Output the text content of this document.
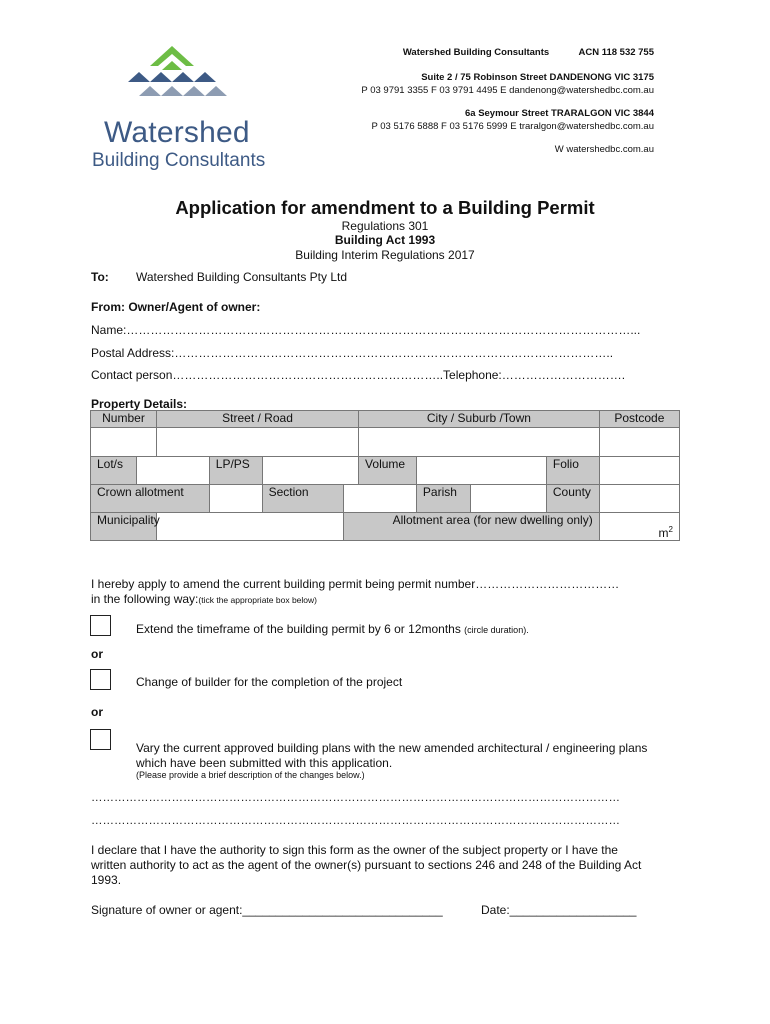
Watershed
Building Consultants
Watershed Building Consultants	ACN 118 532 755
Suite 2 / 75 Robinson Street DANDENONG VIC 3175
P 03 9791 3355 F 03 9791 4495 E dandenong@watershedbc.com.au
6a Seymour Street TRARALGON VIC 3844
P 03 5176 5888 F 03 5176 5999 E traralgon@watershedbc.com.au
W watershedbc.com.au
Application for amendment to a Building Permit
Regulations 301
Building Act 1993
Building Interim Regulations 2017
To: Watershed Building Consultants Pty Ltd
From: Owner/Agent of owner:
Name:………………………………………………………………………………………………………………...
Postal Address:………………………………………………………………………………………………..
Contact person…………………………………………………………..Telephone:………………………….
Property Details:
Number		Street / Road				City / Suburb /Town				Postcode

Lot/s			LP/PS			Volume			Folio	
Crown allotment				Section			Parish		County	
Municipality					Allotment area (for new dwelling only)					$m^2$
I hereby apply to amend the current building permit being permit number………………………………
in the following way:(tick the appropriate box below)
Extend the timeframe of the building permit by 6 or 12months (circle duration).
or
Change of builder for the completion of the project
or
Vary the current approved building plans with the new amended architectural / engineering plans
which have been submitted with this application.
(Please provide a brief description of the changes below.)
…………………………………………………………………………………………………………………………
…………………………………………………………………………………………………………………………
I declare that I have the authority to sign this form as the owner of the subject property or I have the
written authority to act as the agent of the owner(s) pursuant to sections 246 and 248 of the Building Act
1993.
Signature of owner or agent:______________________________	Date:___________________
